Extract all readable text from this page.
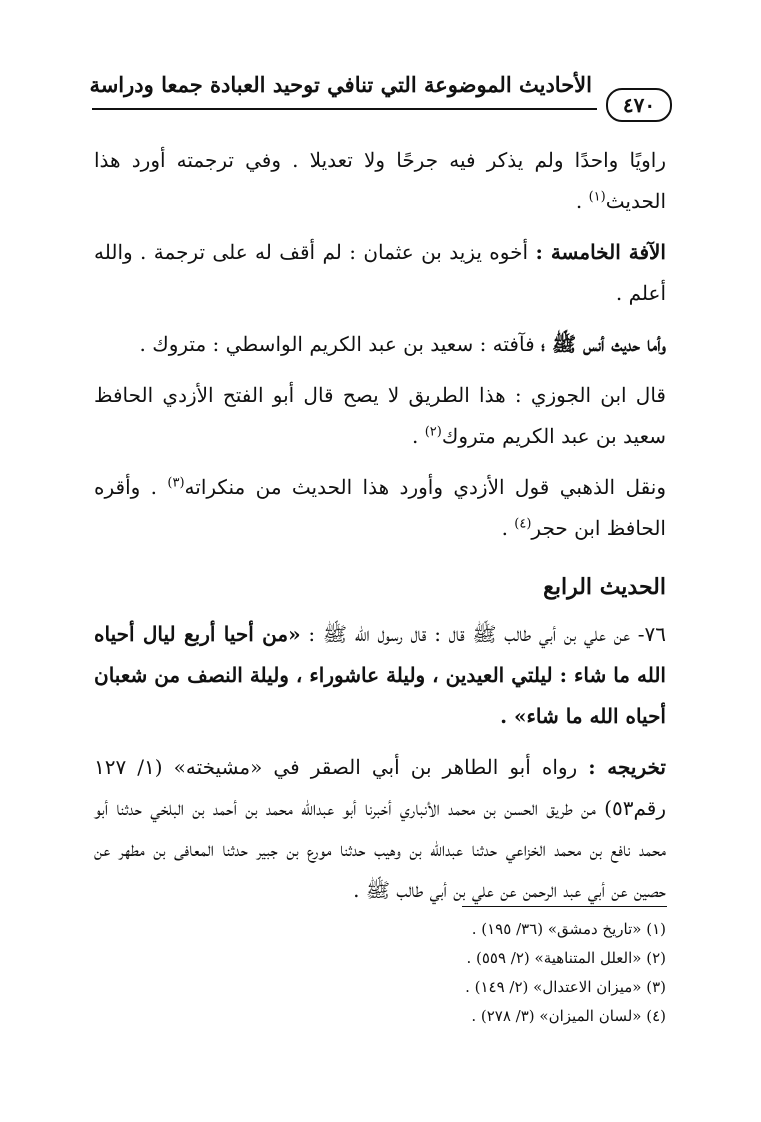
الأحاديث الموضوعة التي تنافي توحيد العبادة جمعا ودراسة
٤٧٠

راويًا واحدًا ولم يذكر فيه جرحًا ولا تعديلا . وفي ترجمته أورد هذا الحديث$^{(١)}$ .

الآفة الخامسة : أخوه يزيد بن عثمان : لم أقف له على ترجمة . والله أعلم .

وأما حديث أنس ﷺ ؛ فآفته : سعيد بن عبد الكريم الواسطي : متروك .

قال ابن الجوزي : هذا الطريق لا يصح قال أبو الفتح الأزدي الحافظ سعيد بن عبد الكريم متروك$^{(٢)}$ .

ونقل الذهبي قول الأزدي وأورد هذا الحديث من منكراته$^{(٣)}$ . وأقره الحافظ ابن حجر$^{(٤)}$ .

الحديث الرابع

٧٦- عن علي بن أبي طالب ﷺ قال : قال رسول الله ﷺ : «من أحيا أربع ليال أحياه الله ما شاء : ليلتي العيدين ، وليلة عاشوراء ، وليلة النصف من شعبان أحياه الله ما شاء» .

تخريجه : رواه أبو الطاهر بن أبي الصقر في «مشيخته» (١/ ١٢٧ رقم٥٣) من طريق الحسن بن محمد الأنباري أخبرنا أبو عبدالله محمد بن أحمد بن البلخي حدثنا أبو محمد نافع بن محمد الخزاعي حدثنا عبدالله بن وهيب حدثنا مورع بن جبير حدثنا المعافى بن مطهر عن حصين عن أبي عبد الرحمن عن علي بن أبي طالب ﷺ .

(١) «تاريخ دمشق» (٣٦/ ١٩٥) .
(٢) «العلل المتناهية» (٢/ ٥٥٩) .
(٣) «ميزان الاعتدال» (٢/ ١٤٩) .
(٤) «لسان الميزان» (٣/ ٢٧٨) .
